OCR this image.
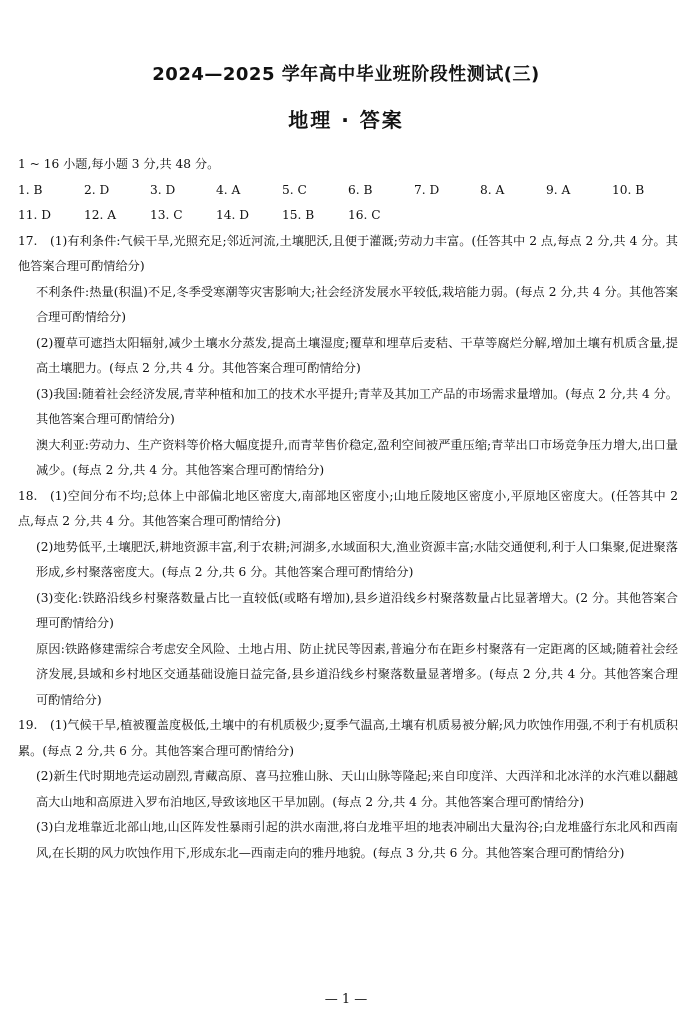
2024—2025 学年高中毕业班阶段性测试(三)
地理 · 答案

1 ~ 16 小题,每小题 3 分,共 48 分。

1. B	2. D	3. D	4. A	5. C	6. B	7. D	8. A	9. A	10. B
11. D	12. A	13. C	14. D	15. B	16. C

17. (1)有利条件:气候干旱,光照充足;邻近河流,土壤肥沃,且便于灌溉;劳动力丰富。(任答其中 2 点,每点 2 分,共 4 分。其他答案合理可酌情给分)

不利条件:热量(积温)不足,冬季受寒潮等灾害影响大;社会经济发展水平较低,栽培能力弱。(每点 2 分,共 4 分。其他答案合理可酌情给分)

(2)覆草可遮挡太阳辐射,减少土壤水分蒸发,提高土壤湿度;覆草和埋草后麦秸、干草等腐烂分解,增加土壤有机质含量,提高土壤肥力。(每点 2 分,共 4 分。其他答案合理可酌情给分)

(3)我国:随着社会经济发展,青苹种植和加工的技术水平提升;青苹及其加工产品的市场需求量增加。(每点 2 分,共 4 分。其他答案合理可酌情给分)

澳大利亚:劳动力、生产资料等价格大幅度提升,而青苹售价稳定,盈利空间被严重压缩;青苹出口市场竞争压力增大,出口量减少。(每点 2 分,共 4 分。其他答案合理可酌情给分)

18. (1)空间分布不均;总体上中部偏北地区密度大,南部地区密度小;山地丘陵地区密度小,平原地区密度大。(任答其中 2 点,每点 2 分,共 4 分。其他答案合理可酌情给分)

(2)地势低平,土壤肥沃,耕地资源丰富,利于农耕;河湖多,水域面积大,渔业资源丰富;水陆交通便利,利于人口集聚,促进聚落形成,乡村聚落密度大。(每点 2 分,共 6 分。其他答案合理可酌情给分)

(3)变化:铁路沿线乡村聚落数量占比一直较低(或略有增加),县乡道沿线乡村聚落数量占比显著增大。(2 分。其他答案合理可酌情给分)

原因:铁路修建需综合考虑安全风险、土地占用、防止扰民等因素,普遍分布在距乡村聚落有一定距离的区域;随着社会经济发展,县域和乡村地区交通基础设施日益完备,县乡道沿线乡村聚落数量显著增多。(每点 2 分,共 4 分。其他答案合理可酌情给分)

19. (1)气候干旱,植被覆盖度极低,土壤中的有机质极少;夏季气温高,土壤有机质易被分解;风力吹蚀作用强,不利于有机质积累。(每点 2 分,共 6 分。其他答案合理可酌情给分)

(2)新生代时期地壳运动剧烈,青藏高原、喜马拉雅山脉、天山山脉等隆起;来自印度洋、大西洋和北冰洋的水汽难以翻越高大山地和高原进入罗布泊地区,导致该地区干旱加剧。(每点 2 分,共 4 分。其他答案合理可酌情给分)

(3)白龙堆靠近北部山地,山区阵发性暴雨引起的洪水南泄,将白龙堆平坦的地表冲刷出大量沟谷;白龙堆盛行东北风和西南风,在长期的风力吹蚀作用下,形成东北—西南走向的雅丹地貌。(每点 3 分,共 6 分。其他答案合理可酌情给分)

— 1 —
